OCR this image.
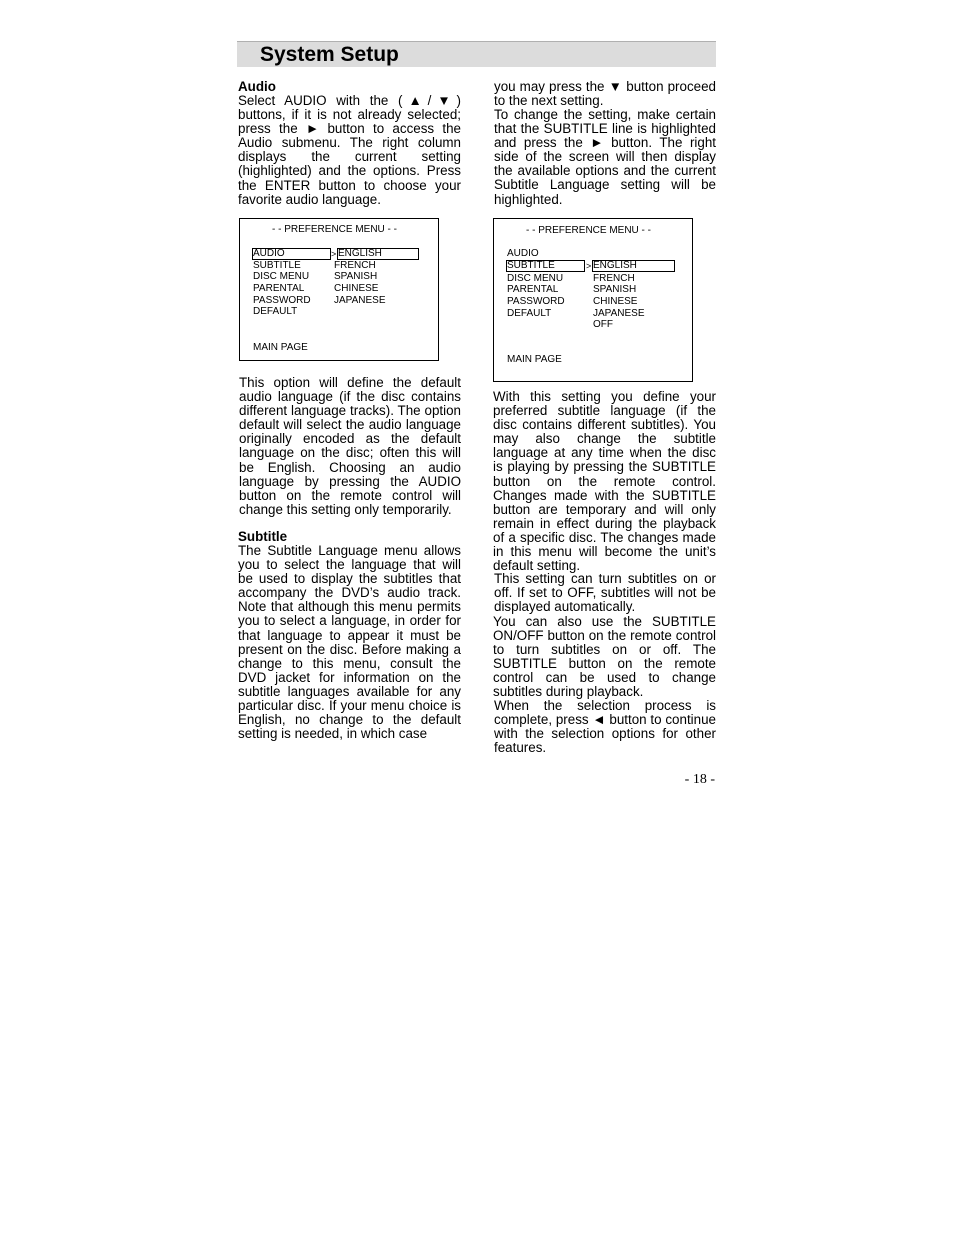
System Setup

Audio

Select AUDIO with the (▲/▼) buttons, if it is not already selected; press the ► button to access the Audio submenu. The right column displays the current setting (highlighted) and the options. Press the ENTER button to choose your favorite audio language.

- - PREFERENCE MENU - -
AUDIO
SUBTITLE
DISC MENU
PARENTAL
PASSWORD
DEFAULT
> ENGLISH
FRENCH
SPANISH
CHINESE
JAPANESE
MAIN PAGE

This option will define the default audio language (if the disc contains different language tracks). The option default will select the audio language originally encoded as the default language on the disc; often this will be English. Choosing an audio language by pressing the AUDIO button on the remote control will change this setting only temporarily.

Subtitle

The Subtitle Language menu allows you to select the language that will be used to display the subtitles that accompany the DVD’s audio track. Note that although this menu permits you to select a language, in order for that language to appear it must be present on the disc. Before making a change to this menu, consult the DVD jacket for information on the subtitle languages available for any particular disc. If your menu choice is English, no change to the default setting is needed, in which case

you may press the ▼ button proceed to the next setting.

To change the setting, make certain that the SUBTITLE line is highlighted and press the ► button. The right side of the screen will then display the available options and the current Subtitle Language setting will be highlighted.

- - PREFERENCE MENU - -
AUDIO
SUBTITLE
DISC MENU
PARENTAL
PASSWORD
DEFAULT
> ENGLISH
FRENCH
SPANISH
CHINESE
JAPANESE
OFF
MAIN PAGE

With this setting you define your preferred subtitle language (if the disc contains different subtitles). You may also change the subtitle language at any time when the disc is playing by pressing the SUBTITLE button on the remote control. Changes made with the SUBTITLE button are temporary and will only remain in effect during the playback of a specific disc. The changes made in this menu will become the unit’s default setting.

This setting can turn subtitles on or off. If set to OFF, subtitles will not be displayed automatically.

You can also use the SUBTITLE ON/OFF button on the remote control to turn subtitles on or off. The SUBTITLE button on the remote control can be used to change subtitles during playback.

When the selection process is complete, press ◄ button to continue with the selection options for other features.

- 18 -
